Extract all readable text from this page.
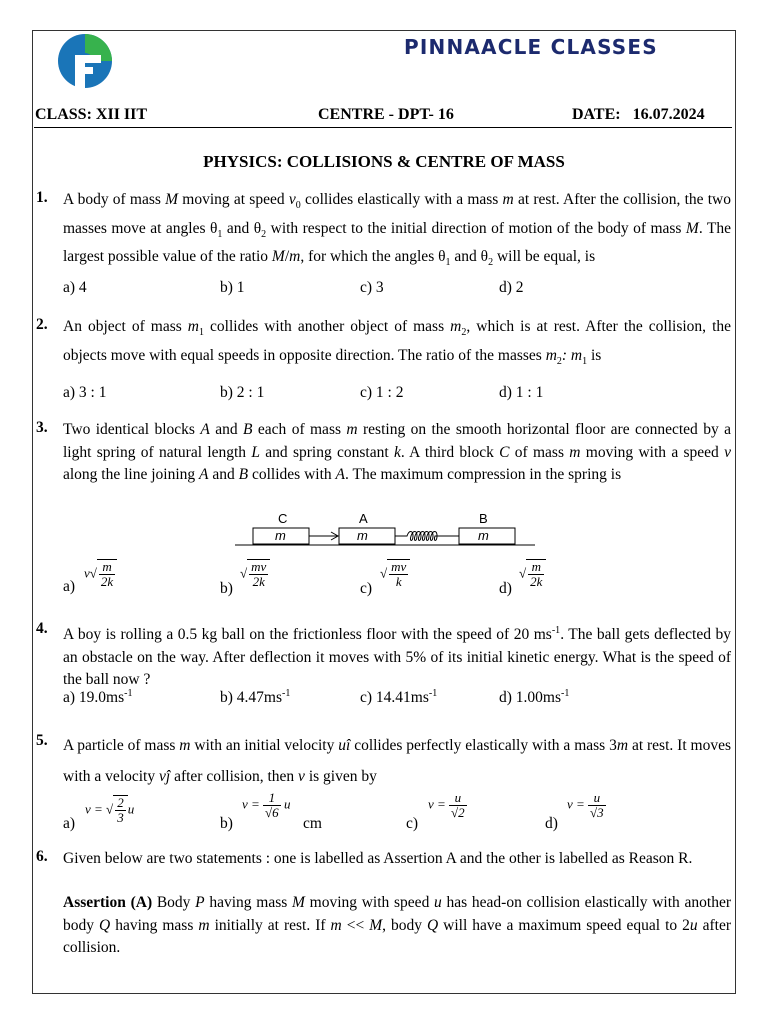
PINNAACLE CLASSES
CLASS: XII IIT	CENTRE - DPT- 16	DATE: 16.07.2024
PHYSICS: COLLISIONS & CENTRE OF MASS
1. A body of mass M moving at speed $v_0$ collides elastically with a mass m at rest. After the collision, the two masses move at angles $\theta_1$ and $\theta_2$ with respect to the initial direction of motion of the body of mass M. The largest possible value of the ratio M/m, for which the angles $\theta_1$ and $\theta_2$ will be equal, is
a) 4	b) 1	c) 3	d) 2
2. An object of mass $m_1$ collides with another object of mass $m_2$, which is at rest. After the collision, the objects move with equal speeds in opposite direction. The ratio of the masses $m_2$: $m_1$ is
a) 3 : 1	b) 2 : 1	c) 1 : 2	d) 1 : 1
3. Two identical blocks A and B each of mass m resting on the smooth horizontal floor are connected by a light spring of natural length L and spring constant k. A third block C of mass m moving with a speed v along the line joining A and B collides with A. The maximum compression in the spring is
C	A	B
m	m	m
a)
$v√ \frac{m}{2k}$	b)
√ $\frac{mv}{2k}$	c)
√ $\frac{mv}{k}$	d)
√ $\frac{m}{2k}$
4. A boy is rolling a 0.5 kg ball on the frictionless floor with the speed of 20 $ms^{-1}$. The ball gets deflected by an obstacle on the way. After deflection it moves with 5% of its initial kinetic energy. What is the speed of the ball now ?
a) $19.0ms^{-1}$	b) $4.47ms^{-1}$	c) $14.41ms^{-1}$	d) $1.00ms^{-1}$
5. A particle of mass m with an initial velocity uî collides perfectly elastically with a mass 3m at rest. It moves with a velocity vĵ after collision, then v is given by
a)
v = √ $\frac{2}{3}$ u
b)
$v = \frac{1}{√6}$ u
cm	c)
$v = \frac{u}{√2}$
d)
$v = \frac{u}{√3}$
6. Given below are two statements : one is labelled as Assertion A and the other is labelled as Reason R.
Assertion (A) Body P having mass M moving with speed u has head-on collision elastically with another body Q having mass m initially at rest. If m << M, body Q will have a maximum speed equal to 2u after collision.
